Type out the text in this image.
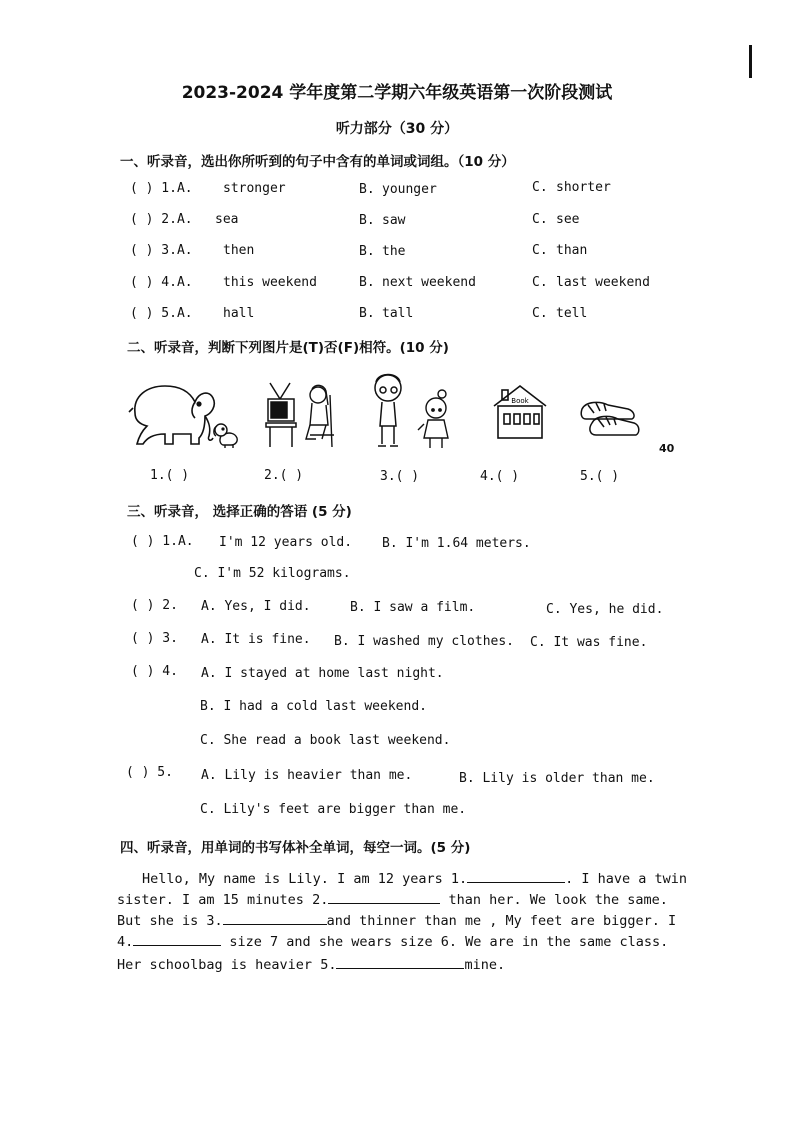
2023-2024 学年度第二学期六年级英语第一次阶段测试
听力部分（30 分）
一、听录音，选出你所听到的句子中含有的单词或词组。（10 分）
( ) 1.A. stronger	B. younger	C. shorter
( ) 2.A. sea	B. saw	C. see
( ) 3.A. then	B. the	C. than
( ) 4.A. this weekend	B. next weekend	C. last weekend
( ) 5.A. hall	B. tall	C. tell
二、听录音，判断下列图片是(T)否(F)相符。(10 分)
Book
40
1.( )	2.( )	3.( )	4.( )	5.( )
三、听录音， 选择正确的答语 (5 分)
( ) 1.A. I'm 12 years old. B. I'm 1.64 meters.
C. I'm 52 kilograms.
( ) 2. A. Yes, I did.	B. I saw a film.	C. Yes, he did.
( ) 3. A. It is fine. B. I washed my clothes. C. It was fine.
( ) 4. A. I stayed at home last night.
B. I had a cold last weekend.
C. She read a book last weekend.
( ) 5. A. Lily is heavier than me.	B. Lily is older than me.
C. Lily's feet are bigger than me.
四、听录音，用单词的书写体补全单词，每空一词。(5 分)
Hello, My name is Lily. I am 12 years 1.	. I have a twin
sister. I am 15 minutes 2.	than her. We look the same.
But she is 3.	and thinner than me , My feet are bigger. I
4.	size 7 and she wears size 6. We are in the same class.
Her schoolbag is heavier 5.	mine.
